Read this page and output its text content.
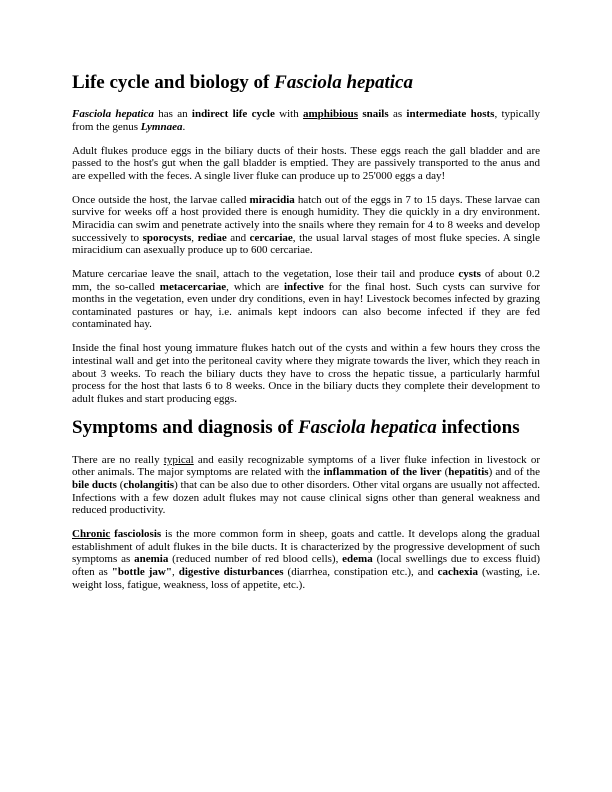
Life cycle and biology of Fasciola hepatica

Fasciola hepatica has an indirect life cycle with amphibious snails as intermediate hosts, typically from the genus Lymnaea.

Adult flukes produce eggs in the biliary ducts of their hosts. These eggs reach the gall bladder and are passed to the host's gut when the gall bladder is emptied. They are passively transported to the anus and are expelled with the feces. A single liver fluke can produce up to 25'000 eggs a day!

Once outside the host, the larvae called miracidia hatch out of the eggs in 7 to 15 days. These larvae can survive for weeks off a host provided there is enough humidity. They die quickly in a dry environment. Miracidia can swim and penetrate actively into the snails where they remain for 4 to 8 weeks and develop successively to sporocysts, rediae and cercariae, the usual larval stages of most fluke species. A single miracidium can asexually produce up to 600 cercariae.

Mature cercariae leave the snail, attach to the vegetation, lose their tail and produce cysts of about 0.2 mm, the so-called metacercariae, which are infective for the final host. Such cysts can survive for months in the vegetation, even under dry conditions, even in hay! Livestock becomes infected by grazing contaminated pastures or hay, i.e. animals kept indoors can also become infected if they are fed contaminated hay.

Inside the final host young immature flukes hatch out of the cysts and within a few hours they cross the intestinal wall and get into the peritoneal cavity where they migrate towards the liver, which they reach in about 3 weeks. To reach the biliary ducts they have to cross the hepatic tissue, a particularly harmful process for the host that lasts 6 to 8 weeks. Once in the biliary ducts they complete their development to adult flukes and start producing eggs.

Symptoms and diagnosis of Fasciola hepatica infections

There are no really typical and easily recognizable symptoms of a liver fluke infection in livestock or other animals. The major symptoms are related with the inflammation of the liver (hepatitis) and of the bile ducts (cholangitis) that can be also due to other disorders. Other vital organs are usually not affected. Infections with a few dozen adult flukes may not cause clinical signs other than general weakness and reduced productivity.

Chronic fasciolosis is the more common form in sheep, goats and cattle. It develops along the gradual establishment of adult flukes in the bile ducts. It is characterized by the progressive development of such symptoms as anemia (reduced number of red blood cells), edema (local swellings due to excess fluid) often as "bottle jaw", digestive disturbances (diarrhea, constipation etc.), and cachexia (wasting, i.e. weight loss, fatigue, weakness, loss of appetite, etc.).
